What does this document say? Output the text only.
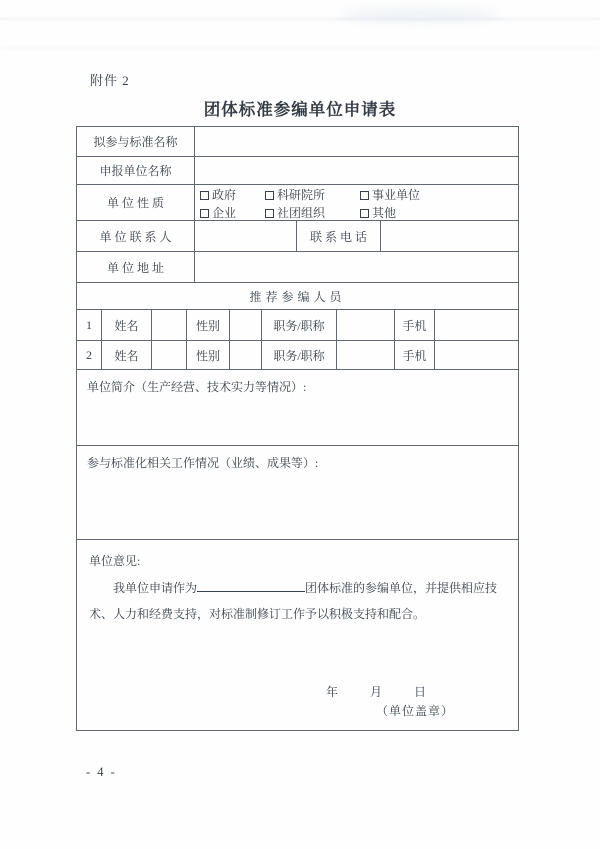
附件 2
团体标准参编单位申请表
拟参与标准名称
申报单位名称
单 位 性 质
政府	科研院所	事业单位
企业	社团组织	其他
单 位 联 系 人	联 系 电 话
单 位 地 址
推荐参编人员
1	姓名	性别	职务/职称	手机
2	姓名	性别	职务/职称	手机
单位简介（生产经营、技术实力等情况）:
参与标准化相关工作情况（业绩、成果等）:
单位意见:
我单位申请作为	团体标准的参编单位，并提供相应技术、人力和经费支持，对标准制修订工作予以积极支持和配合。
年      月      日
（单位盖章）
- 4 -
